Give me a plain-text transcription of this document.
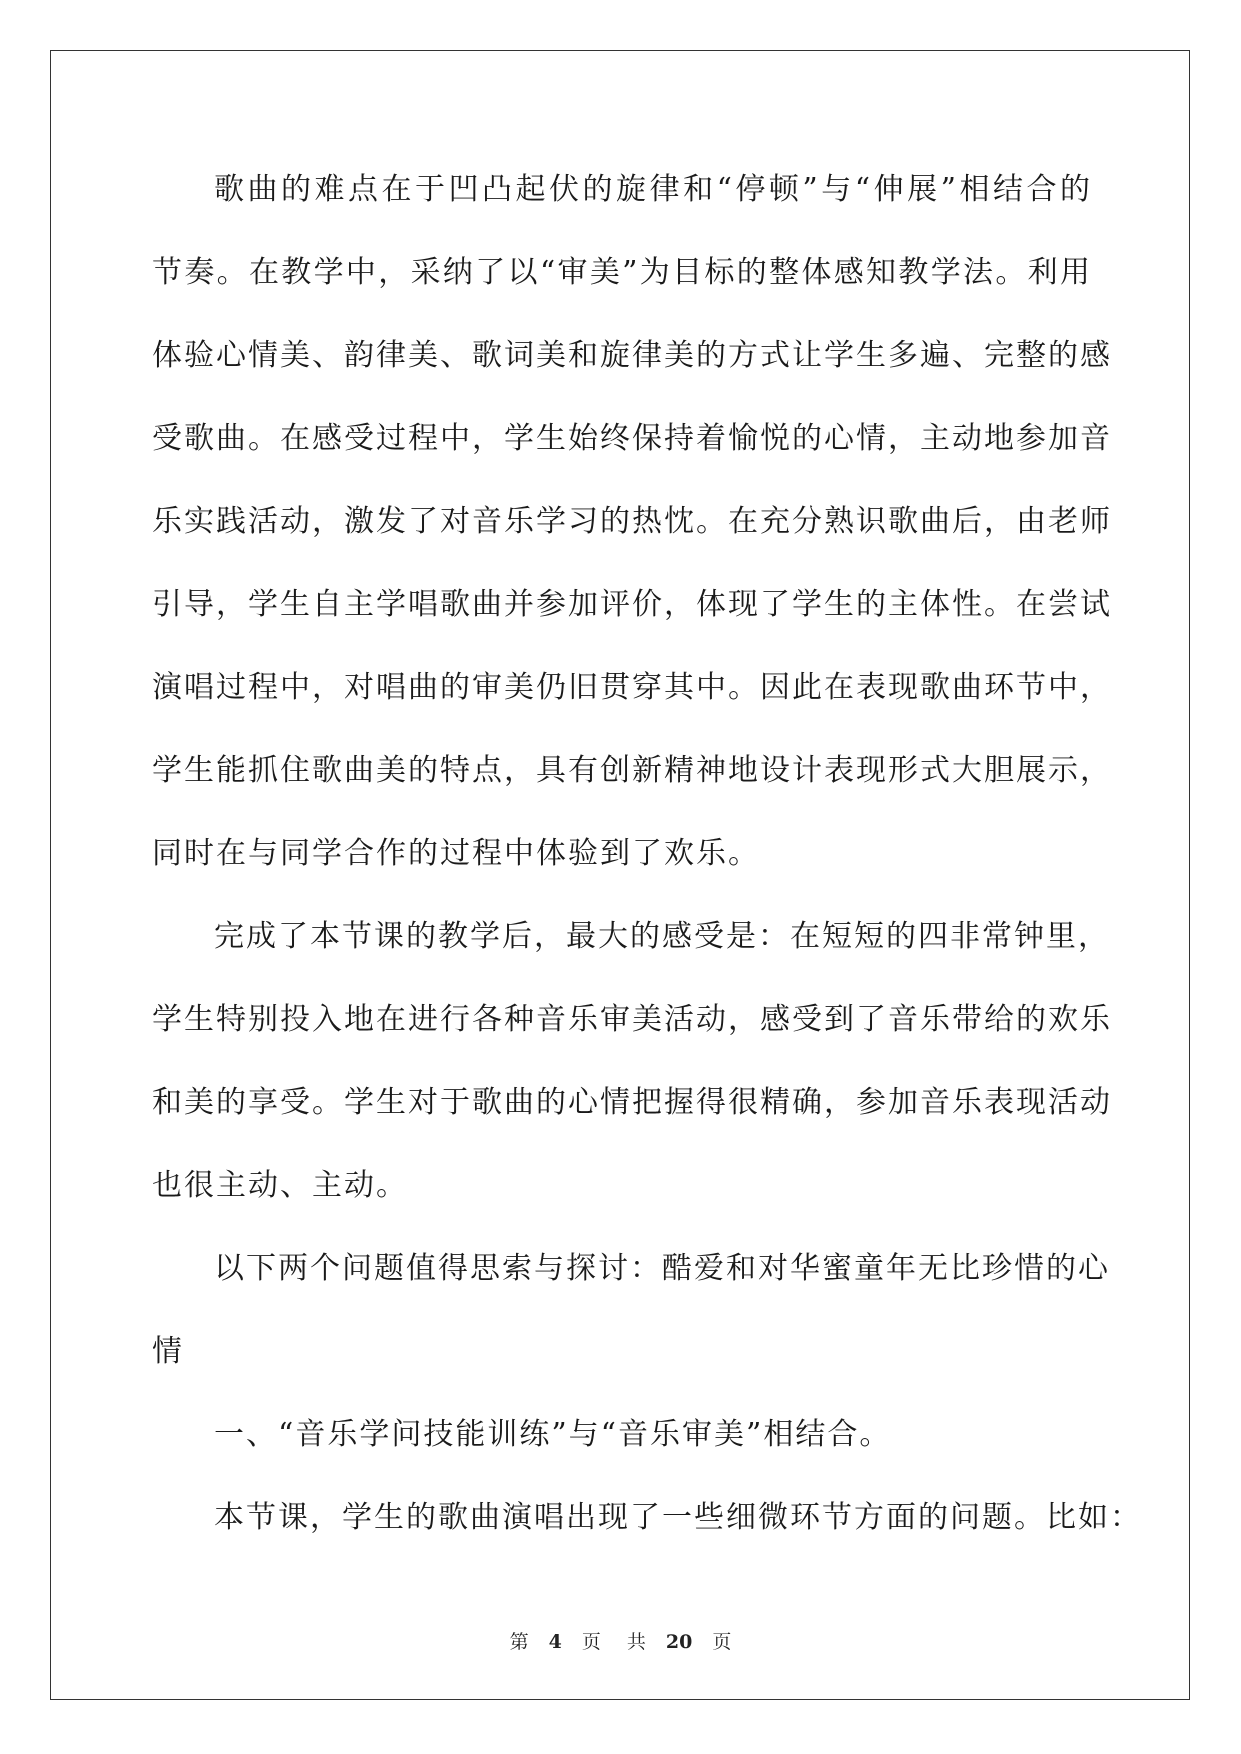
歌曲的难点在于凹凸起伏的旋律和“停顿”与“伸展”相结合的
节奏。在教学中，采纳了以“审美”为目标的整体感知教学法。利用
体验心情美、韵律美、歌词美和旋律美的方式让学生多遍、完整的感
受歌曲。在感受过程中，学生始终保持着愉悦的心情，主动地参加音
乐实践活动，激发了对音乐学习的热忱。在充分熟识歌曲后，由老师
引导，学生自主学唱歌曲并参加评价，体现了学生的主体性。在尝试
演唱过程中，对唱曲的审美仍旧贯穿其中。因此在表现歌曲环节中，
学生能抓住歌曲美的特点，具有创新精神地设计表现形式大胆展示，
同时在与同学合作的过程中体验到了欢乐。
完成了本节课的教学后，最大的感受是：在短短的四非常钟里，
学生特别投入地在进行各种音乐审美活动，感受到了音乐带给的欢乐
和美的享受。学生对于歌曲的心情把握得很精确，参加音乐表现活动
也很主动、主动。
以下两个问题值得思索与探讨：酷爱和对华蜜童年无比珍惜的心
情
一、“音乐学问技能训练”与“音乐审美”相结合。
本节课，学生的歌曲演唱出现了一些细微环节方面的问题。比如：
第 4 页 共 20 页
